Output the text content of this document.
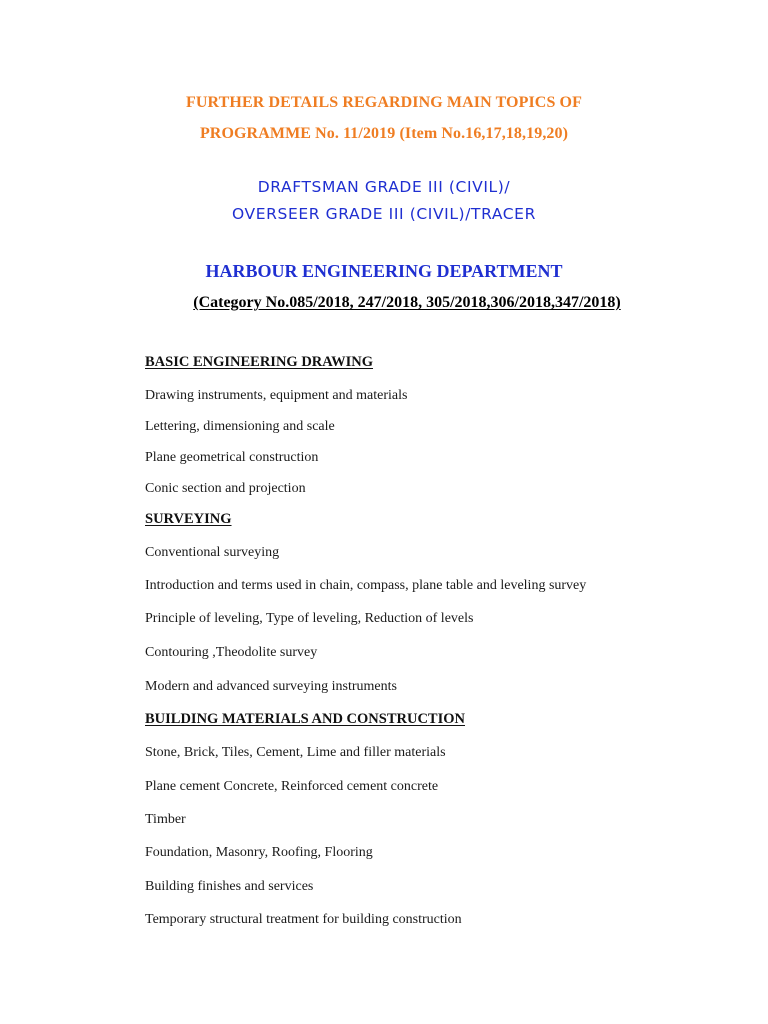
FURTHER DETAILS REGARDING MAIN TOPICS OF
PROGRAMME No. 11/2019 (Item No.16,17,18,19,20)
DRAFTSMAN GRADE III (CIVIL)/
OVERSEER GRADE III (CIVIL)/TRACER
HARBOUR ENGINEERING DEPARTMENT
(Category No.085/2018, 247/2018, 305/2018,306/2018,347/2018)
BASIC ENGINEERING DRAWING
Drawing instruments, equipment and materials
Lettering, dimensioning and scale
Plane geometrical construction
Conic section and projection
SURVEYING
Conventional surveying
Introduction and terms used in chain, compass, plane table and leveling survey
Principle of leveling, Type of leveling, Reduction of levels
Contouring ,Theodolite survey
Modern and advanced surveying instruments
BUILDING MATERIALS AND CONSTRUCTION
Stone, Brick, Tiles, Cement, Lime and filler materials
Plane cement Concrete, Reinforced cement concrete
Timber
Foundation, Masonry, Roofing, Flooring
Building finishes and services
Temporary structural treatment for building construction
